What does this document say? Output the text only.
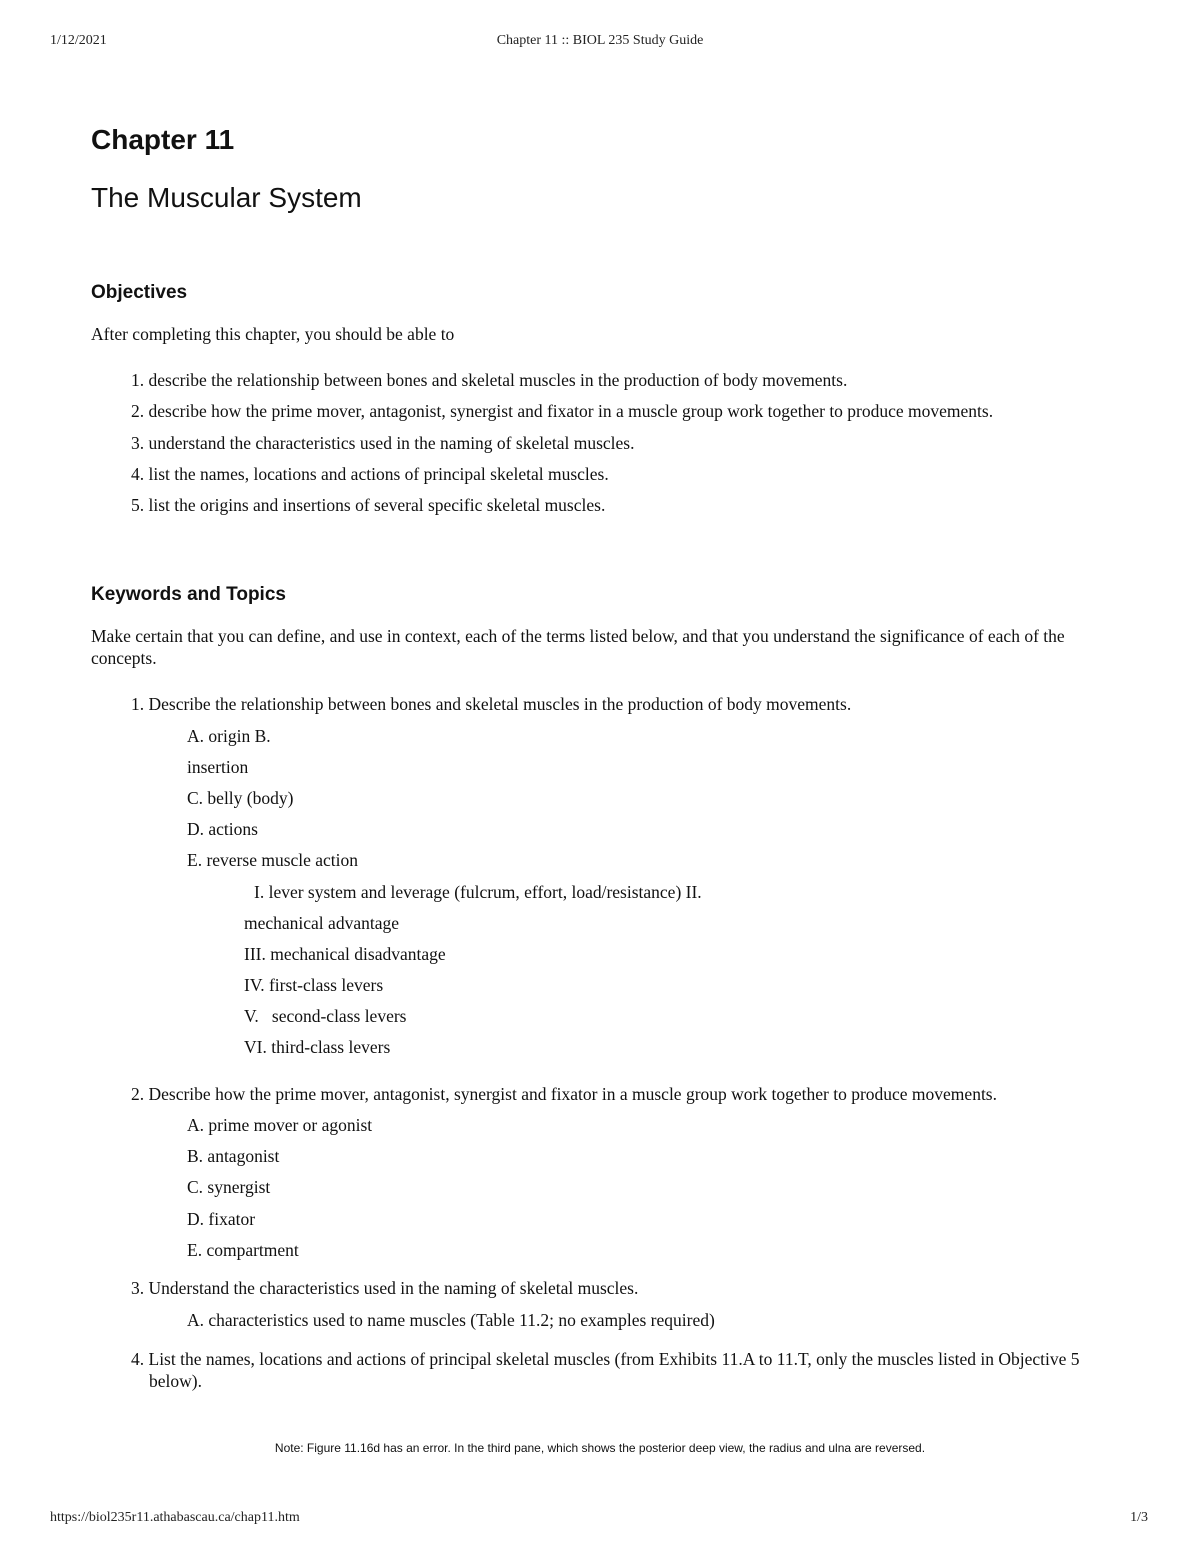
1/12/2021	Chapter 11 :: BIOL 235 Study Guide
Chapter 11
The Muscular System
Objectives
After completing this chapter, you should be able to
1. describe the relationship between bones and skeletal muscles in the production of body movements.
2. describe how the prime mover, antagonist, synergist and fixator in a muscle group work together to produce movements.
3. understand the characteristics used in the naming of skeletal muscles.
4. list the names, locations and actions of principal skeletal muscles.
5. list the origins and insertions of several specific skeletal muscles.
Keywords and Topics
Make certain that you can define, and use in context, each of the terms listed below, and that you understand the significance of each of the concepts.
1. Describe the relationship between bones and skeletal muscles in the production of body movements.
A. origin B.
insertion
C. belly (body)
D. actions
E. reverse muscle action
I. lever system and leverage (fulcrum, effort, load/resistance) II.
mechanical advantage
III. mechanical disadvantage
IV. first-class levers
V.   second-class levers
VI. third-class levers
2. Describe how the prime mover, antagonist, synergist and fixator in a muscle group work together to produce movements.
A. prime mover or agonist
B. antagonist
C. synergist
D. fixator
E. compartment
3. Understand the characteristics used in the naming of skeletal muscles.
A. characteristics used to name muscles (Table 11.2; no examples required)
4. List the names, locations and actions of principal skeletal muscles (from Exhibits 11.A to 11.T, only the muscles listed in Objective 5 below).
Note: Figure 11.16d has an error. In the third pane, which shows the posterior deep view, the radius and ulna are reversed.
https://biol235r11.athabascau.ca/chap11.htm	1/3
